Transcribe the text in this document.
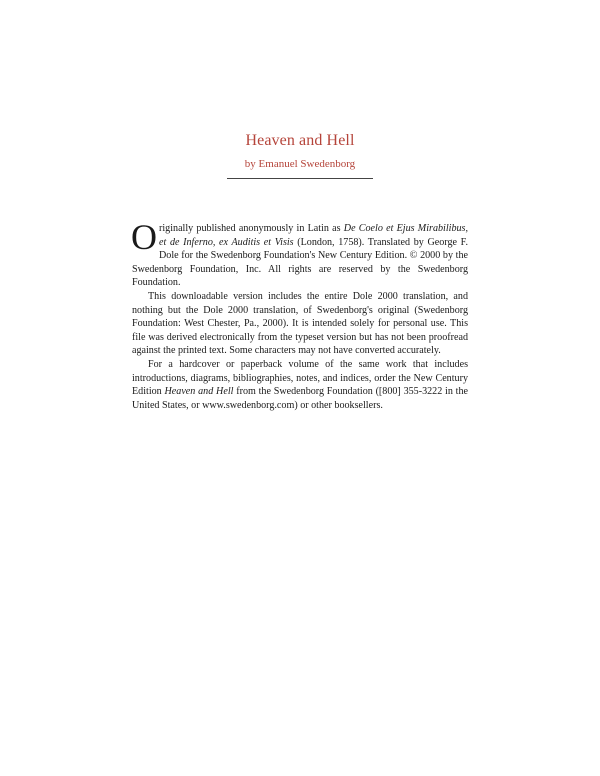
Heaven and Hell
by Emanuel Swedenborg

Originally published anonymously in Latin as De Coelo et Ejus Mirabilibus, et de Inferno, ex Auditis et Visis (London, 1758). Translated by George F. Dole for the Swedenborg Foundation's New Century Edition. © 2000 by the Swedenborg Foundation, Inc. All rights are reserved by the Swedenborg Foundation.

This downloadable version includes the entire Dole 2000 translation, and nothing but the Dole 2000 translation, of Swedenborg's original (Swedenborg Foundation: West Chester, Pa., 2000). It is intended solely for personal use. This file was derived electronically from the typeset version but has not been proofread against the printed text. Some characters may not have converted accurately.

For a hardcover or paperback volume of the same work that includes introductions, diagrams, bibliographies, notes, and indices, order the New Century Edition Heaven and Hell from the Swedenborg Foundation ([800] 355-3222 in the United States, or www.swedenborg.com) or other booksellers.
